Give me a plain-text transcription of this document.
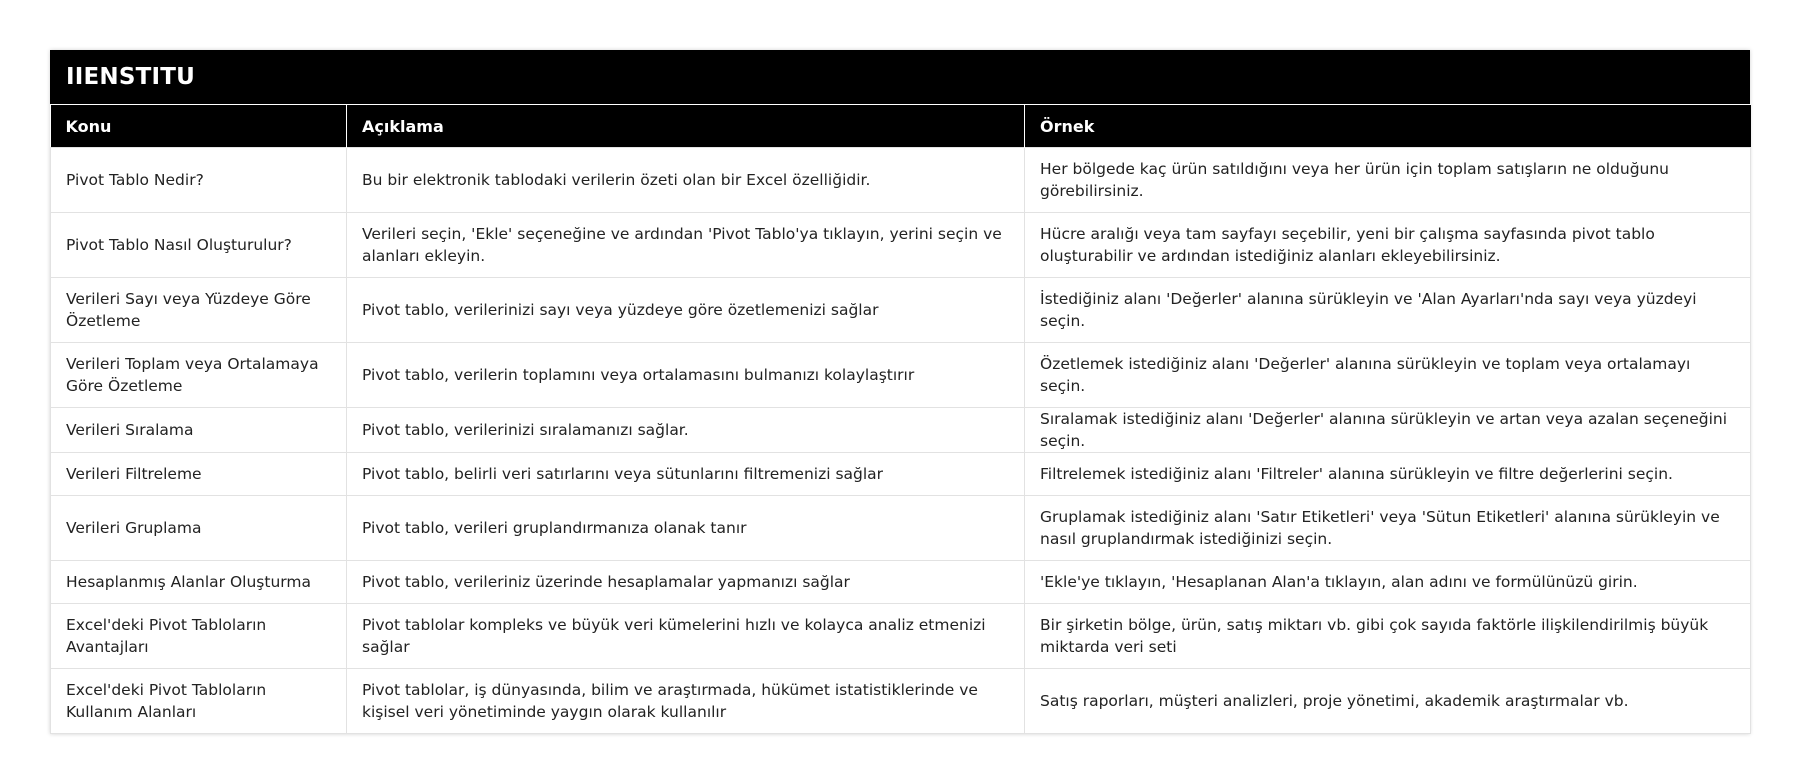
IIENSTITU
Konu	Açıklama	Örnek
Pivot Tablo Nedir?	Bu bir elektronik tablodaki verilerin özeti olan bir Excel özelliğidir.	Her bölgede kaç ürün satıldığını veya her ürün için toplam satışların ne olduğunu görebilirsiniz.
Pivot Tablo Nasıl Oluşturulur?	Verileri seçin, 'Ekle' seçeneğine ve ardından 'Pivot Tablo'ya tıklayın, yerini seçin ve alanları ekleyin.	Hücre aralığı veya tam sayfayı seçebilir, yeni bir çalışma sayfasında pivot tablo oluşturabilir ve ardından istediğiniz alanları ekleyebilirsiniz.
Verileri Sayı veya Yüzdeye Göre Özetleme	Pivot tablo, verilerinizi sayı veya yüzdeye göre özetlemenizi sağlar	İstediğiniz alanı 'Değerler' alanına sürükleyin ve 'Alan Ayarları'nda sayı veya yüzdeyi seçin.
Verileri Toplam veya Ortalamaya Göre Özetleme	Pivot tablo, verilerin toplamını veya ortalamasını bulmanızı kolaylaştırır	Özetlemek istediğiniz alanı 'Değerler' alanına sürükleyin ve toplam veya ortalamayı seçin.
Verileri Sıralama	Pivot tablo, verilerinizi sıralamanızı sağlar.	Sıralamak istediğiniz alanı 'Değerler' alanına sürükleyin ve artan veya azalan seçeneğini seçin.
Verileri Filtreleme	Pivot tablo, belirli veri satırlarını veya sütunlarını filtremenizi sağlar	Filtrelemek istediğiniz alanı 'Filtreler' alanına sürükleyin ve filtre değerlerini seçin.
Verileri Gruplama	Pivot tablo, verileri gruplandırmanıza olanak tanır	Gruplamak istediğiniz alanı 'Satır Etiketleri' veya 'Sütun Etiketleri' alanına sürükleyin ve nasıl gruplandırmak istediğinizi seçin.
Hesaplanmış Alanlar Oluşturma	Pivot tablo, verileriniz üzerinde hesaplamalar yapmanızı sağlar	'Ekle'ye tıklayın, 'Hesaplanan Alan'a tıklayın, alan adını ve formülünüzü girin.
Excel'deki Pivot Tabloların Avantajları	Pivot tablolar kompleks ve büyük veri kümelerini hızlı ve kolayca analiz etmenizi sağlar	Bir şirketin bölge, ürün, satış miktarı vb. gibi çok sayıda faktörle ilişkilendirilmiş büyük miktarda veri seti
Excel'deki Pivot Tabloların Kullanım Alanları	Pivot tablolar, iş dünyasında, bilim ve araştırmada, hükümet istatistiklerinde ve kişisel veri yönetiminde yaygın olarak kullanılır	Satış raporları, müşteri analizleri, proje yönetimi, akademik araştırmalar vb.
